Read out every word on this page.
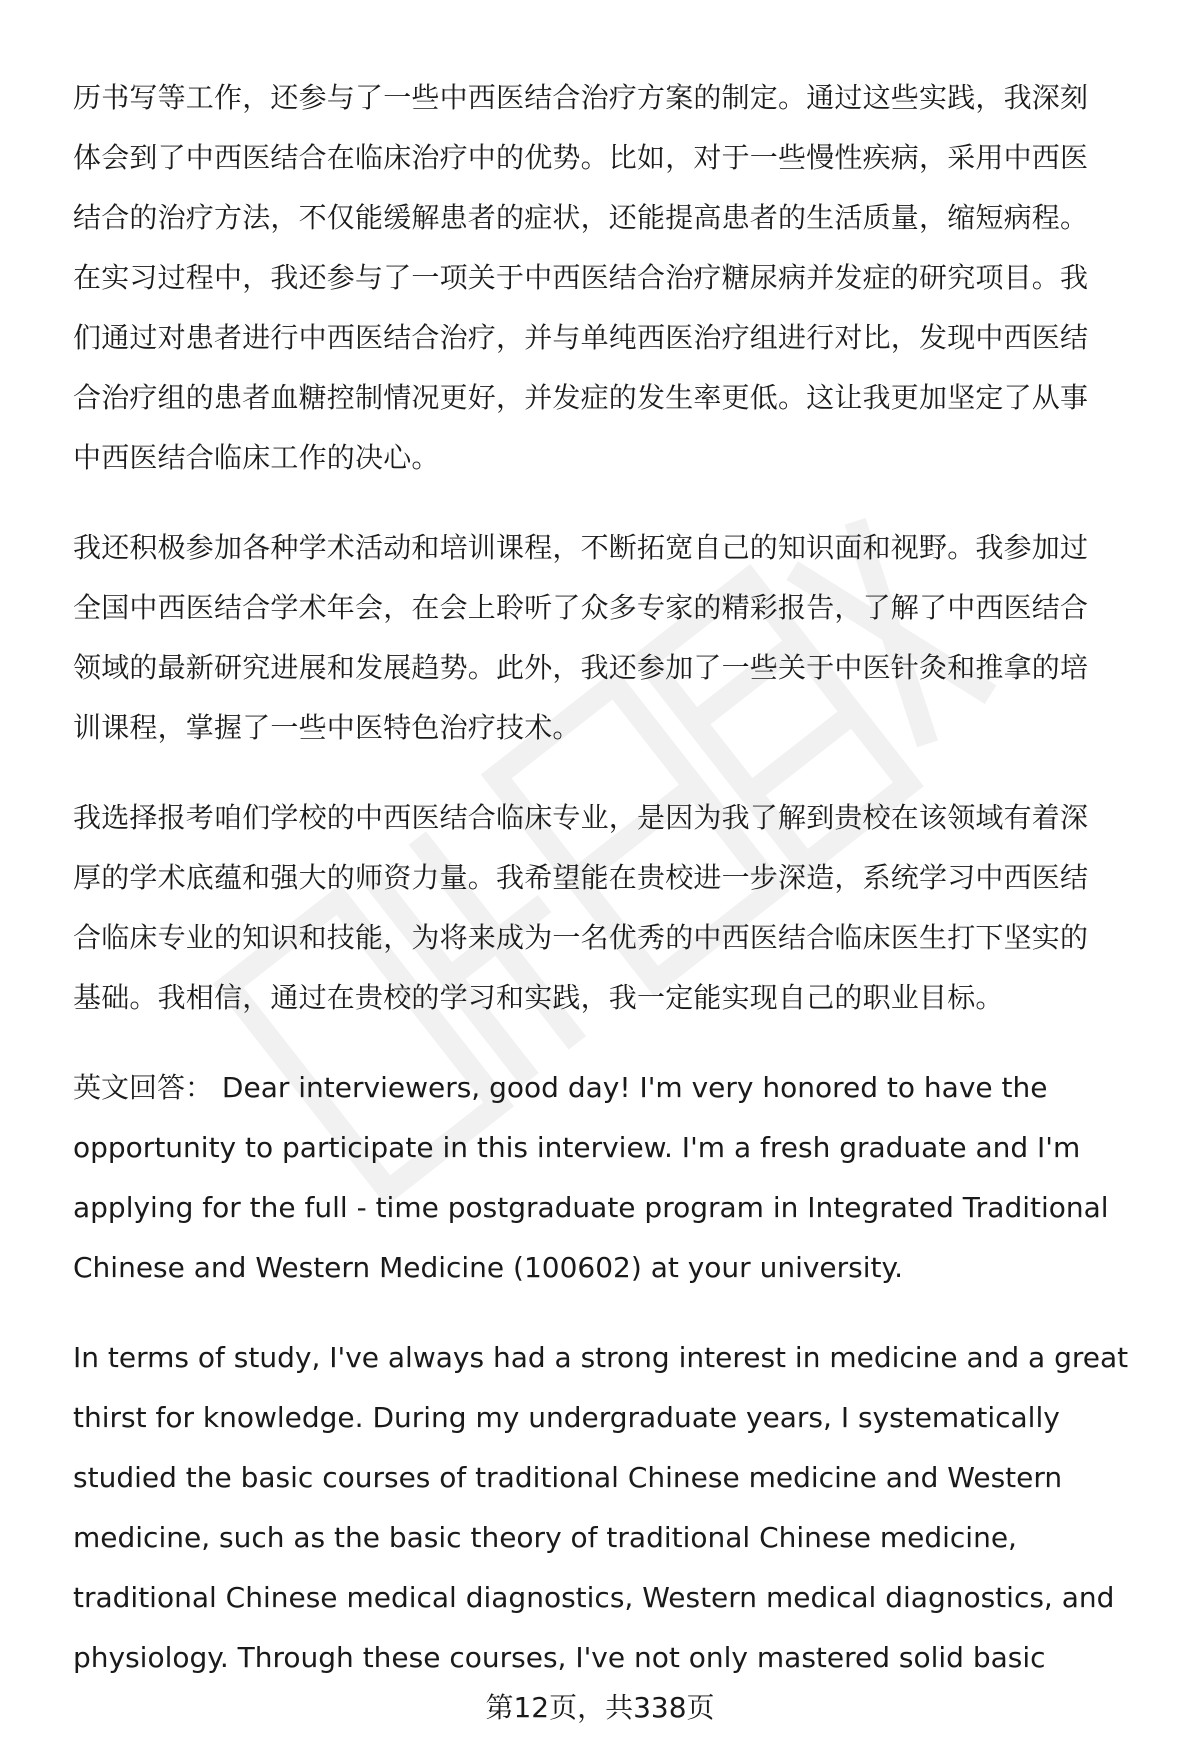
历书写等工作，还参与了一些中西医结合治疗方案的制定。通过这些实践，我深刻
体会到了中西医结合在临床治疗中的优势。比如，对于一些慢性疾病，采用中西医
结合的治疗方法，不仅能缓解患者的症状，还能提高患者的生活质量，缩短病程。
在实习过程中，我还参与了一项关于中西医结合治疗糖尿病并发症的研究项目。我
们通过对患者进行中西医结合治疗，并与单纯西医治疗组进行对比，发现中西医结
合治疗组的患者血糖控制情况更好，并发症的发生率更低。这让我更加坚定了从事
中西医结合临床工作的决心。

我还积极参加各种学术活动和培训课程，不断拓宽自己的知识面和视野。我参加过
全国中西医结合学术年会，在会上聆听了众多专家的精彩报告，了解了中西医结合
领域的最新研究进展和发展趋势。此外，我还参加了一些关于中医针灸和推拿的培
训课程，掌握了一些中医特色治疗技术。

我选择报考咱们学校的中西医结合临床专业，是因为我了解到贵校在该领域有着深
厚的学术底蕴和强大的师资力量。我希望能在贵校进一步深造，系统学习中西医结
合临床专业的知识和技能，为将来成为一名优秀的中西医结合临床医生打下坚实的
基础。我相信，通过在贵校的学习和实践，我一定能实现自己的职业目标。

英文回答： Dear interviewers, good day! I'm very honored to have the
opportunity to participate in this interview. I'm a fresh graduate and I'm
applying for the full - time postgraduate program in Integrated Traditional
Chinese and Western Medicine (100602) at your university.

In terms of study, I've always had a strong interest in medicine and a great
thirst for knowledge. During my undergraduate years, I systematically
studied the basic courses of traditional Chinese medicine and Western
medicine, such as the basic theory of traditional Chinese medicine,
traditional Chinese medical diagnostics, Western medical diagnostics, and
physiology. Through these courses, I've not only mastered solid basic

第12页，共338页
